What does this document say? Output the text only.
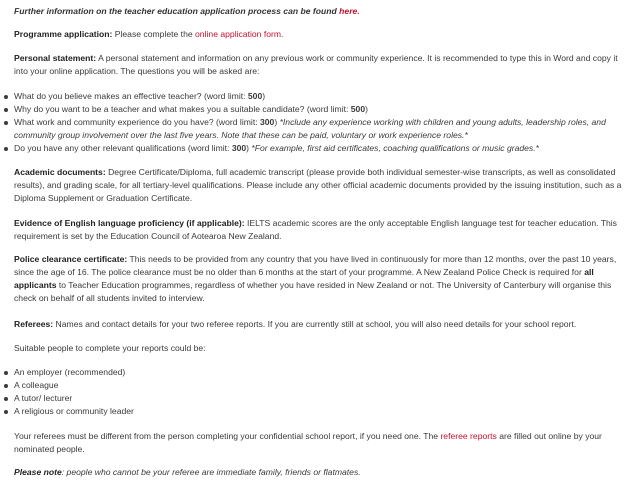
Further information on the teacher education application process can be found here.

Programme application: Please complete the online application form.

Personal statement: A personal statement and information on any previous work or community experience. It is recommended to type this in Word and copy it into your online application. The questions you will be asked are:

What do you believe makes an effective teacher? (word limit: 500)
Why do you want to be a teacher and what makes you a suitable candidate? (word limit: 500)
What work and community experience do you have? (word limit: 300) *Include any experience working with children and young adults, leadership roles, and community group involvement over the last five years. Note that these can be paid, voluntary or work experience roles.*
Do you have any other relevant qualifications (word limit: 300) *For example, first aid certificates, coaching qualifications or music grades.*

Academic documents: Degree Certificate/Diploma, full academic transcript (please provide both individual semester-wise transcripts, as well as consolidated results), and grading scale, for all tertiary-level qualifications. Please include any other official academic documents provided by the issuing institution, such as a Diploma Supplement or Graduation Certificate.

Evidence of English language proficiency (if applicable): IELTS academic scores are the only acceptable English language test for teacher education. This requirement is set by the Education Council of Aotearoa New Zealand.

Police clearance certificate: This needs to be provided from any country that you have lived in continuously for more than 12 months, over the past 10 years, since the age of 16. The police clearance must be no older than 6 months at the start of your programme. A New Zealand Police Check is required for all applicants to Teacher Education programmes, regardless of whether you have resided in New Zealand or not. The University of Canterbury will organise this check on behalf of all students invited to interview.

Referees: Names and contact details for your two referee reports. If you are currently still at school, you will also need details for your school report.

Suitable people to complete your reports could be:

An employer (recommended)
A colleague
A tutor/ lecturer
A religious or community leader

Your referees must be different from the person completing your confidential school report, if you need one. The referee reports are filled out online by your nominated people.

Please note: people who cannot be your referee are immediate family, friends or flatmates.
